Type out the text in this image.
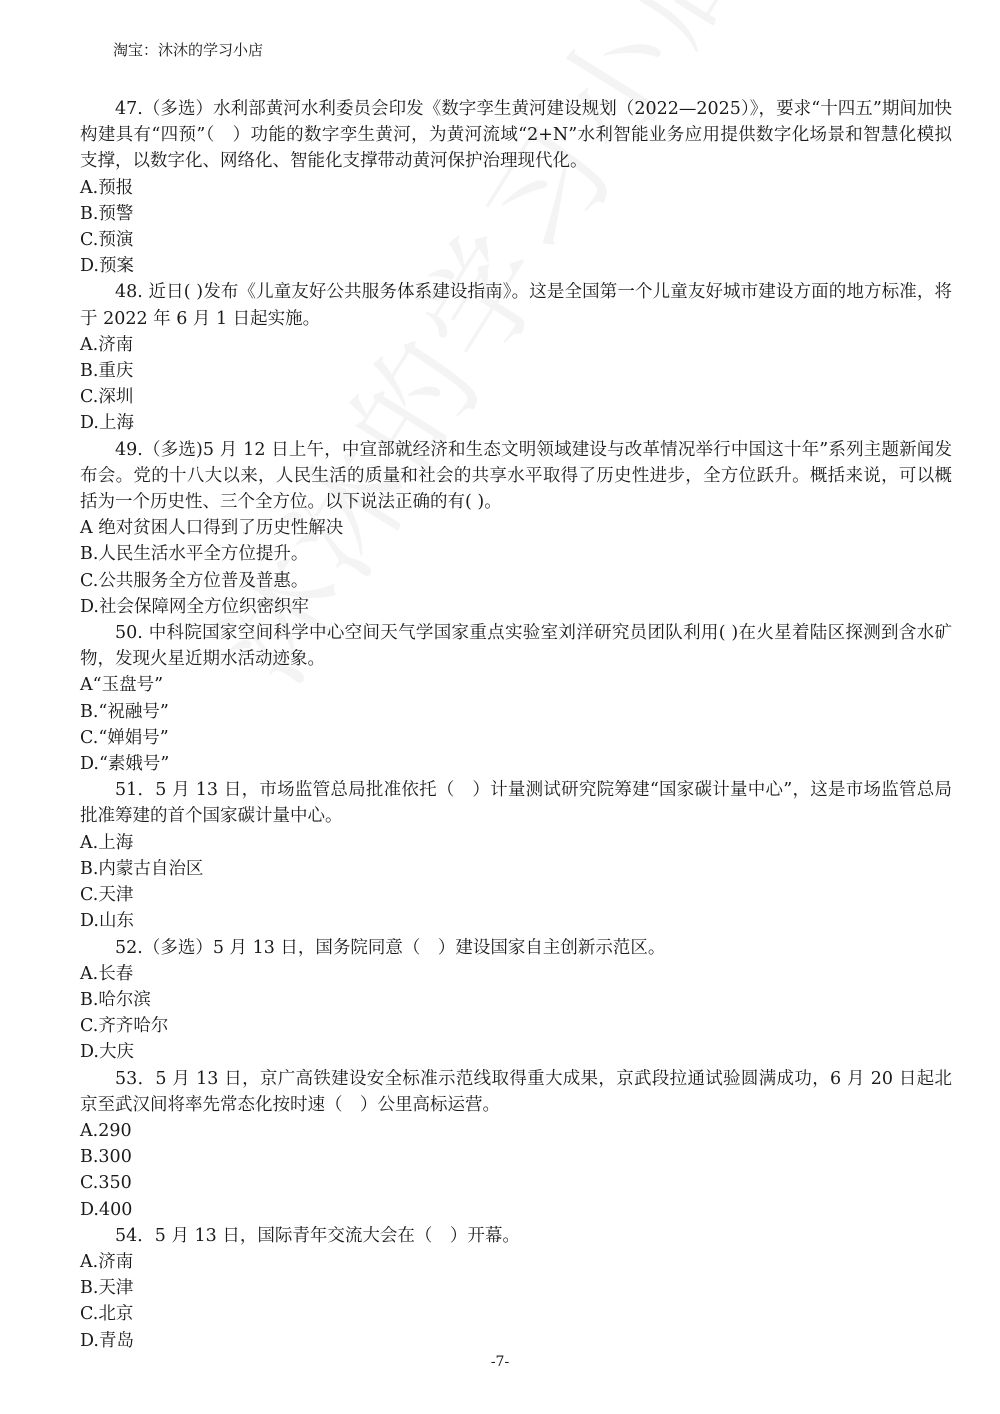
淘宝：沐沐的学习小店

47.（多选）水利部黄河水利委员会印发《数字孪生黄河建设规划（2022—2025）》，要求“十四五”期间加快构建具有“四预”（　）功能的数字孪生黄河，为黄河流域“2+N”水利智能业务应用提供数字化场景和智慧化模拟支撑，以数字化、网络化、智能化支撑带动黄河保护治理现代化。

A.预报

B.预警

C.预演

D.预案

48. 近日( )发布《儿童友好公共服务体系建设指南》。这是全国第一个儿童友好城市建设方面的地方标准，将于 2022 年 6 月 1 日起实施。

A.济南

B.重庆

C.深圳

D.上海

49.（多选)5 月 12 日上午，中宣部就经济和生态文明领域建设与改革情况举行中国这十年”系列主题新闻发布会。党的十八大以来，人民生活的质量和社会的共享水平取得了历史性进步，全方位跃升。概括来说，可以概括为一个历史性、三个全方位。以下说法正确的有( )。

A 绝对贫困人口得到了历史性解决

B.人民生活水平全方位提升。

C.公共服务全方位普及普惠。

D.社会保障网全方位织密织牢

50. 中科院国家空间科学中心空间天气学国家重点实验室刘洋研究员团队利用( )在火星着陆区探测到含水矿物，发现火星近期水活动迹象。

A“玉盘号”

B.“祝融号”

C.“婵娟号”

D.“素娥号”

51．5 月 13 日，市场监管总局批准依托（　）计量测试研究院筹建“国家碳计量中心”，这是市场监管总局批准筹建的首个国家碳计量中心。

A.上海

B.内蒙古自治区

C.天津

D.山东

52.（多选）5 月 13 日，国务院同意（　）建设国家自主创新示范区。

A.长春

B.哈尔滨

C.齐齐哈尔

D.大庆

53．5 月 13 日，京广高铁建设安全标准示范线取得重大成果，京武段拉通试验圆满成功，6 月 20 日起北京至武汉间将率先常态化按时速（　）公里高标运营。

A.290

B.300

C.350

D.400

54．5 月 13 日，国际青年交流大会在（　）开幕。

A.济南

B.天津

C.北京

D.青岛

-7-
